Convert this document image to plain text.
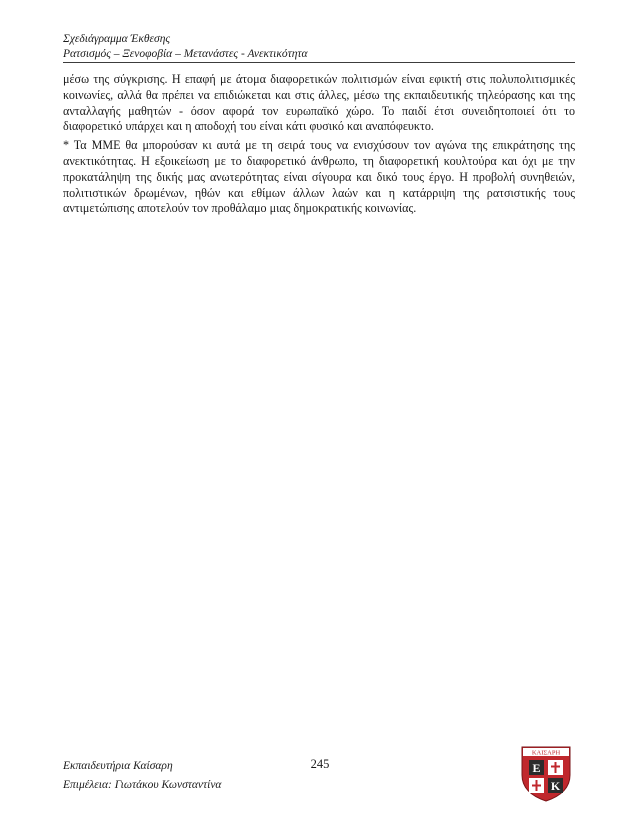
Σχεδιάγραμμα Έκθεσης
Ρατσισμός – Ξενοφοβία – Μετανάστες - Ανεκτικότητα

μέσω της σύγκρισης. Η επαφή με άτομα διαφορετικών πολιτισμών είναι εφικτή στις πολυπολιτισμικές κοινωνίες, αλλά θα πρέπει να επιδιώκεται και στις άλλες, μέσω της εκπαιδευτικής τηλεόρασης και της ανταλλαγής μαθητών - όσον αφορά τον ευρωπαϊκό χώρο. Το παιδί έτσι συνειδητοποιεί ότι το διαφορετικό υπάρχει και η αποδοχή του είναι κάτι φυσικό και αναπόφευκτο.

* Τα ΜΜΕ θα μπορούσαν κι αυτά με τη σειρά τους να ενισχύσουν τον αγώνα της επικράτησης της ανεκτικότητας. Η εξοικείωση με το διαφορετικό άνθρωπο, τη διαφορετική κουλτούρα και όχι με την προκατάληψη της δικής μας ανωτερότητας είναι σίγουρα και δικό τους έργο. Η προβολή συνηθειών, πολιτιστικών δρωμένων, ηθών και εθίμων άλλων λαών και η κατάρριψη της ρατσιστικής τους αντιμετώπισης αποτελούν τον προθάλαμο μιας δημοκρατικής κοινωνίας.

Εκπαιδευτήρια Καίσαρη
Επιμέλεια: Γιωτάκου Κωνσταντίνα
245
ΚΑΙΣΑΡΗ
Ε
Κ
